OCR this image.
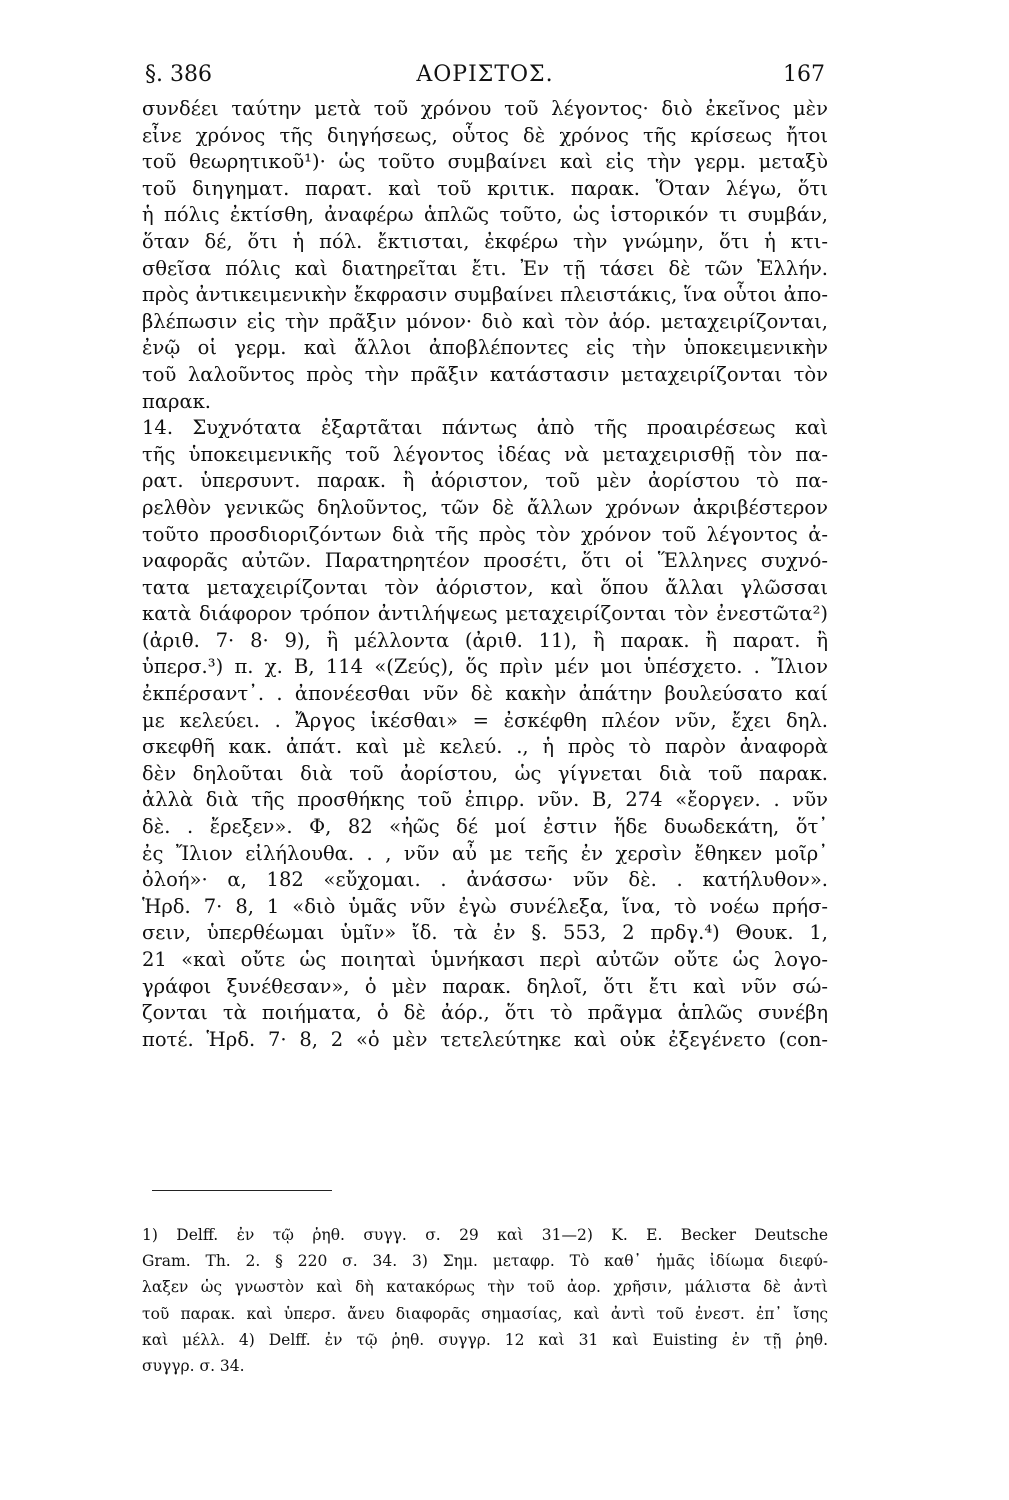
§. 386	ΑΟΡΙΣΤΟΣ.	167
συνδέει ταύτην μετὰ τοῦ χρόνου τοῦ λέγοντος· διὸ ἐκεῖνος μὲν
εἶνε χρόνος τῆς διηγήσεως, οὗτος δὲ χρόνος τῆς κρίσεως ἤτοι
τοῦ θεωρητικοῦ¹)· ὡς τοῦτο συμβαίνει καὶ εἰς τὴν γερμ. μεταξὺ
τοῦ διηγηματ. παρατ. καὶ τοῦ κριτικ. παρακ. Ὅταν λέγω, ὅτι
ἡ πόλις ἐκτίσθη, ἀναφέρω ἁπλῶς τοῦτο, ὡς ἱστορικόν τι συμβάν,
ὅταν δέ, ὅτι ἡ πόλ. ἔκτισται, ἐκφέρω τὴν γνώμην, ὅτι ἡ κτι-
σθεῖσα πόλις καὶ διατηρεῖται ἔτι. Ἐν τῇ τάσει δὲ τῶν Ἑλλήν.
πρὸς ἀντικειμενικὴν ἔκφρασιν συμβαίνει πλειστάκις, ἵνα οὗτοι ἀπο-
βλέπωσιν εἰς τὴν πρᾶξιν μόνον· διὸ καὶ τὸν ἀόρ. μεταχειρίζονται,
ἐνῷ οἱ γερμ. καὶ ἄλλοι ἀποβλέποντες εἰς τὴν ὑποκειμενικὴν
τοῦ λαλοῦντος πρὸς τὴν πρᾶξιν κατάστασιν μεταχειρίζονται τὸν
παρακ.
14. Συχνότατα ἐξαρτᾶται πάντως ἀπὸ τῆς προαιρέσεως καὶ
τῆς ὑποκειμενικῆς τοῦ λέγοντος ἰδέας νὰ μεταχειρισθῇ τὸν πα-
ρατ. ὑπερσυντ. παρακ. ἢ ἀόριστον, τοῦ μὲν ἀορίστου τὸ πα-
ρελθὸν γενικῶς δηλοῦντος, τῶν δὲ ἄλλων χρόνων ἀκριβέστερον
τοῦτο προσδιοριζόντων διὰ τῆς πρὸς τὸν χρόνον τοῦ λέγοντος ἀ-
ναφορᾶς αὐτῶν. Παρατηρητέον προσέτι, ὅτι οἱ Ἕλληνες συχνό-
τατα μεταχειρίζονται τὸν ἀόριστον, καὶ ὅπου ἄλλαι γλῶσσαι
κατὰ διάφορον τρόπον ἀντιλήψεως μεταχειρίζονται τὸν ἐνεστῶτα²)
(ἀριθ. 7· 8· 9), ἢ μέλλοντα (ἀριθ. 11), ἢ παρακ. ἢ παρατ. ἢ
ὑπερσ.³) π. χ. Β, 114 «(Ζεύς), ὅς πρὶν μέν μοι ὑπέσχετο. . Ἴλιον
ἐκπέρσαντ᾽. . ἀπονέεσθαι νῦν δὲ κακὴν ἀπάτην βουλεύσατο καί
με κελεύει. . Ἄργος ἱκέσθαι» = ἐσκέφθη πλέον νῦν, ἔχει δηλ.
σκεφθῆ κακ. ἀπάτ. καὶ μὲ κελεύ. ., ἡ πρὸς τὸ παρὸν ἀναφορὰ
δὲν δηλοῦται διὰ τοῦ ἀορίστου, ὡς γίγνεται διὰ τοῦ παρακ.
ἀλλὰ διὰ τῆς προσθήκης τοῦ ἐπιρρ. νῦν. Β, 274 «ἔοργεν. . νῦν
δὲ. . ἔρεξεν». Φ, 82 «ἠῶς δέ μοί ἐστιν ἥδε δυωδεκάτη, ὅτ᾽
ἐς Ἴλιον εἰλήλουθα. . , νῦν αὖ με τεῆς ἐν χερσὶν ἔθηκεν μοῖρ᾽
ὀλοή»· α, 182 «εὔχομαι. . ἀνάσσω· νῦν δὲ. . κατήλυθον».
Ἡρδ. 7· 8, 1 «διὸ ὑμᾶς νῦν ἐγὼ συνέλεξα, ἵνα, τὸ νοέω πρήσ-
σειν, ὑπερθέωμαι ὑμῖν» ἴδ. τὰ ἐν §. 553, 2 πρδγ.⁴) Θουκ. 1,
21 «καὶ οὔτε ὡς ποιηταὶ ὑμνήκασι περὶ αὐτῶν οὔτε ὡς λογο-
γράφοι ξυνέθεσαν», ὁ μὲν παρακ. δηλοῖ, ὅτι ἔτι καὶ νῦν σώ-
ζονται τὰ ποιήματα, ὁ δὲ ἀόρ., ὅτι τὸ πρᾶγμα ἁπλῶς συνέβη
ποτέ. Ἡρδ. 7· 8, 2 «ὁ μὲν τετελεύτηκε καὶ οὐκ ἐξεγένετο (con-
1) Delff. ἐν τῷ ῥηθ. συγγ. σ. 29 καὶ 31—2) K. E. Becker Deutsche
Gram. Th. 2. § 220 σ. 34. 3) Σημ. μεταφρ. Τὸ καθ᾽ ἡμᾶς ἰδίωμα διεφύ-
λαξεν ὡς γνωστὸν καὶ δὴ κατακόρως τὴν τοῦ ἀορ. χρῆσιν, μάλιστα δὲ ἀντὶ
τοῦ παρακ. καὶ ὑπερσ. ἄνευ διαφορᾶς σημασίας, καὶ ἀντὶ τοῦ ἐνεστ. ἐπ᾽ ἴσης
καὶ μέλλ. 4) Delff. ἐν τῷ ῥηθ. συγγρ. 12 καὶ 31 καὶ Euisting ἐν τῇ ῥηθ.
συγγρ. σ. 34.
